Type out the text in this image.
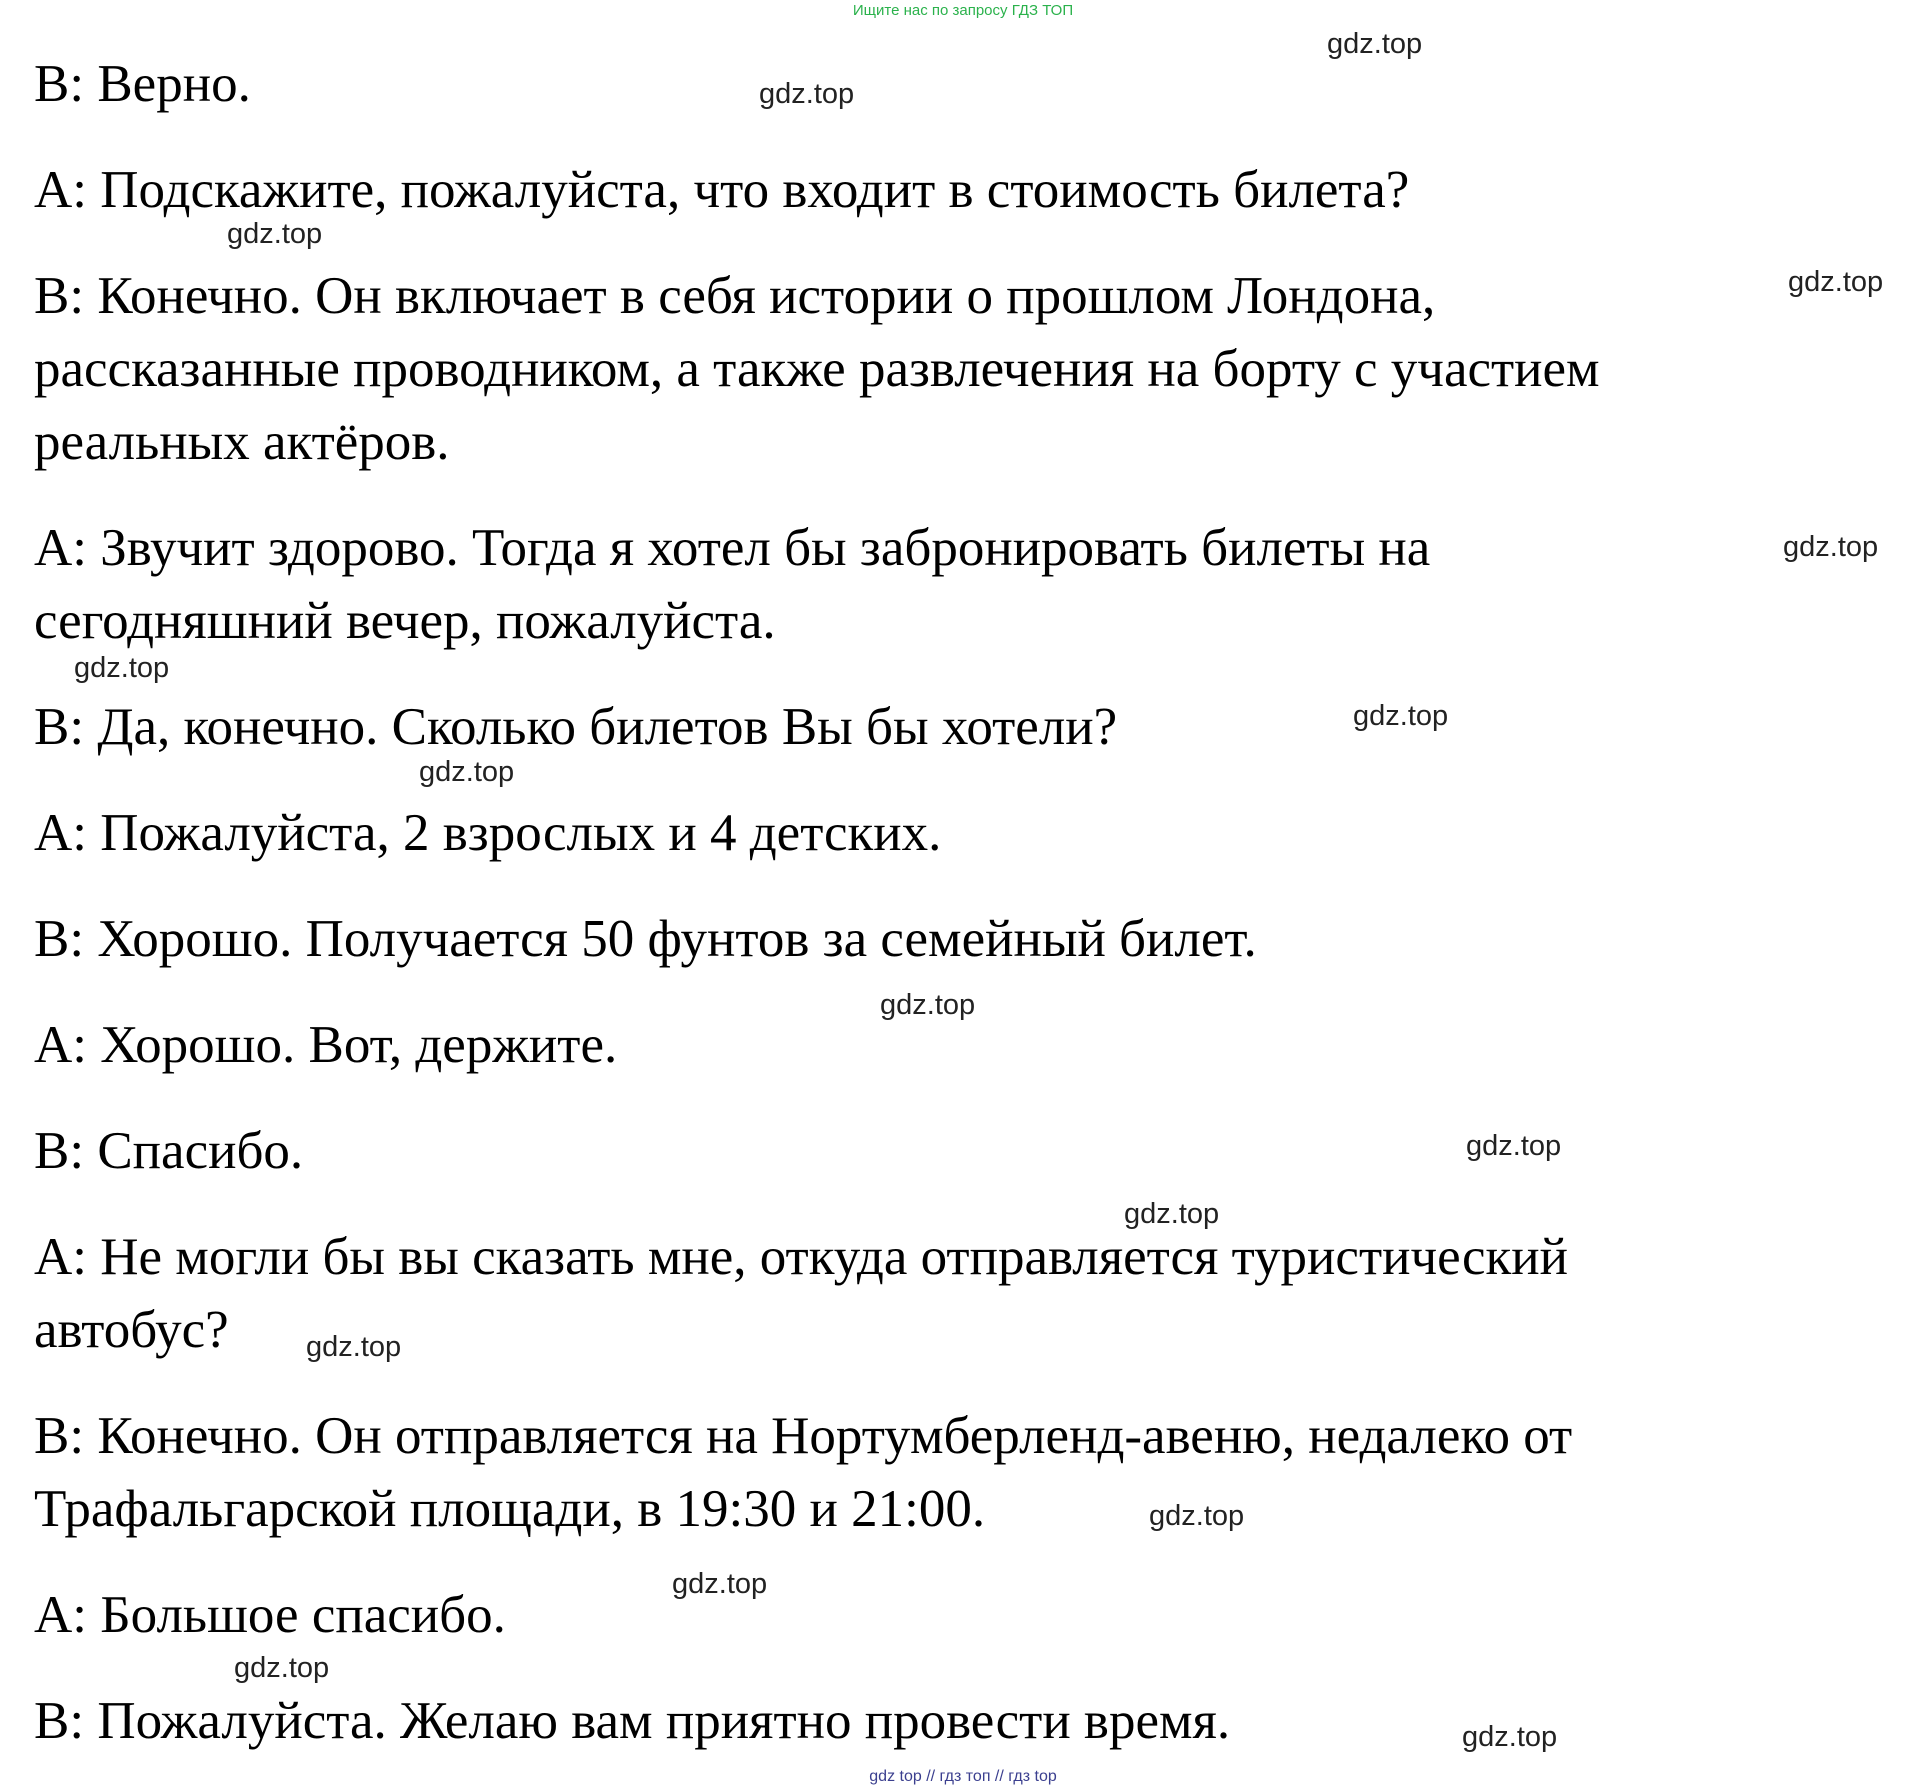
Ищите нас по запросу ГДЗ ТОП
B: Верно.
A: Подскажите, пожалуйста, что входит в стоимость билета?
B: Конечно. Он включает в себя истории о прошлом Лондона,
рассказанные проводником, а также развлечения на борту с участием
реальных актёров.
A: Звучит здорово. Тогда я хотел бы забронировать билеты на
сегодняшний вечер, пожалуйста.
B: Да, конечно. Сколько билетов Вы бы хотели?
A: Пожалуйста, 2 взрослых и 4 детских.
B: Хорошо. Получается 50 фунтов за семейный билет.
A: Хорошо. Вот, держите.
B: Спасибо.
A: Не могли бы вы сказать мне, откуда отправляется туристический
автобус?
B: Конечно. Он отправляется на Нортумберленд-авеню, недалеко от
Трафальгарской площади, в 19:30 и 21:00.
A: Большое спасибо.
B: Пожалуйста. Желаю вам приятно провести время.
gdz.top
gdz.top
gdz.top
gdz.top
gdz.top
gdz.top
gdz.top
gdz.top
gdz.top
gdz.top
gdz.top
gdz.top
gdz.top
gdz.top
gdz.top
gdz.top
gdz top // гдз топ // гдз top
